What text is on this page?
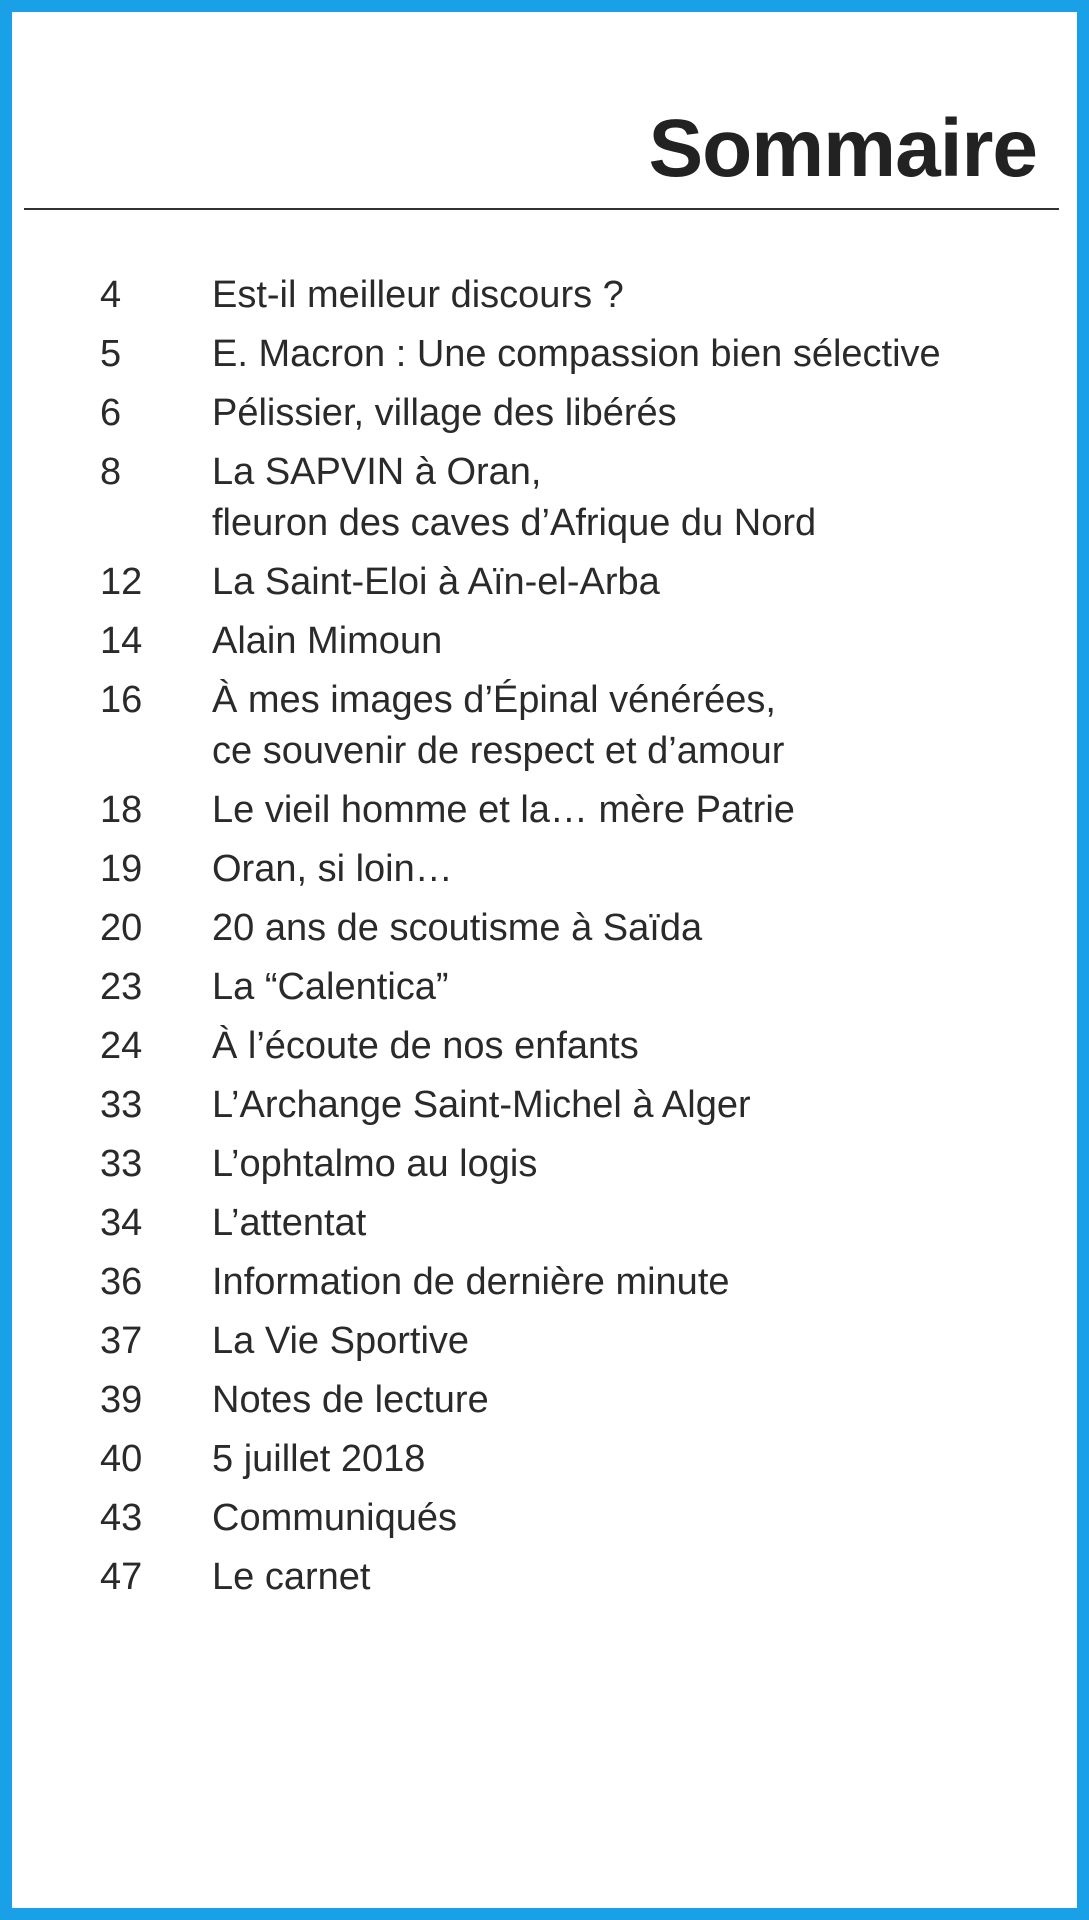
Sommaire
4 Est-il meilleur discours ?
5 E. Macron : Une compassion bien sélective
6 Pélissier, village des libérés
8 La SAPVIN à Oran,
fleuron des caves d’Afrique du Nord
12 La Saint-Eloi à Aïn-el-Arba
14 Alain Mimoun
16 À mes images d’Épinal vénérées,
ce souvenir de respect et d’amour
18 Le vieil homme et la… mère Patrie
19 Oran, si loin…
20 20 ans de scoutisme à Saïda
23 La “Calentica”
24 À l’écoute de nos enfants
33 L’Archange Saint-Michel à Alger
33 L’ophtalmo au logis
34 L’attentat
36 Information de dernière minute
37 La Vie Sportive
39 Notes de lecture
40 5 juillet 2018
43 Communiqués
47 Le carnet
